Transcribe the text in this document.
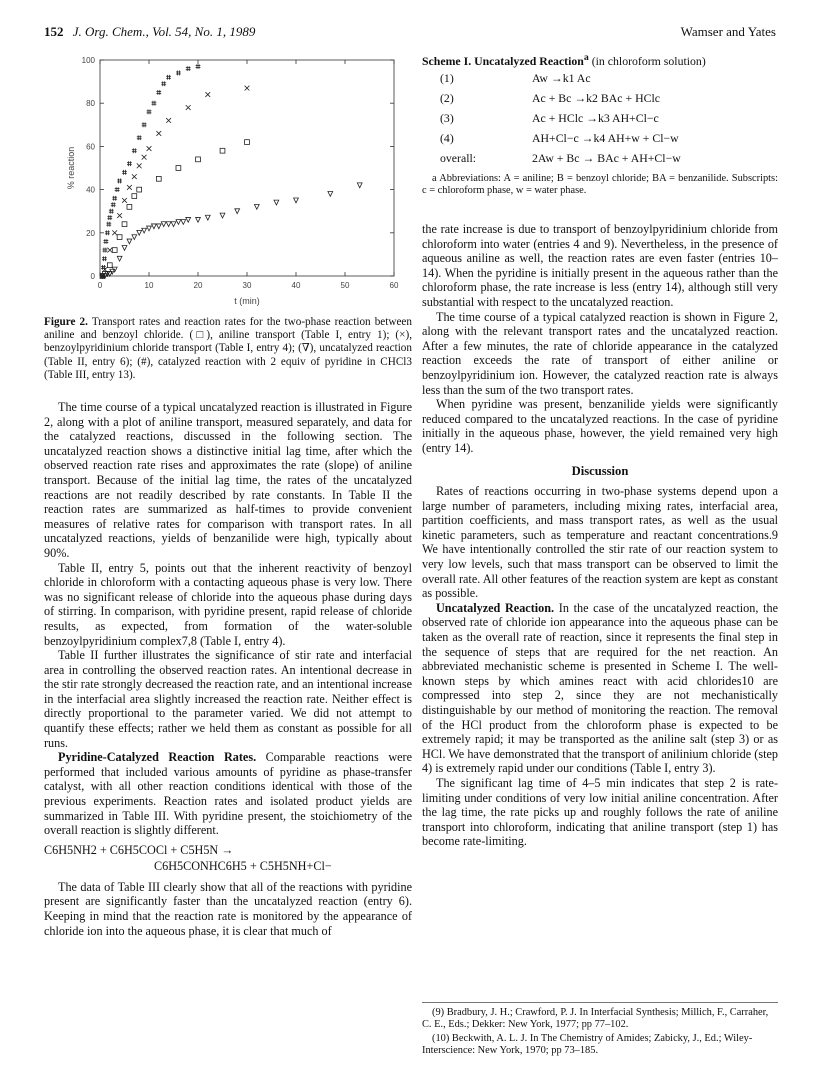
152 J. Org. Chem., Vol. 54, No. 1, 1989	Wamser and Yates
0	10	20	30	40	50	60
0
20
40
60
80
100
t (min)
% reaction
Figure 2. Transport rates and reaction rates for the two-phase reaction between aniline and benzoyl chloride. (□), aniline transport (Table I, entry 1); (×), benzoylpyridinium chloride transport (Table I, entry 4); (∇), uncatalyzed reaction (Table II, entry 6); (#), catalyzed reaction with 2 equiv of pyridine in CHCl3 (Table III, entry 13).

The time course of a typical uncatalyzed reaction is illustrated in Figure 2, along with a plot of aniline transport, measured separately, and data for the catalyzed reactions, discussed in the following section. The uncatalyzed reaction shows a distinctive initial lag time, after which the observed reaction rate rises and approximates the rate (slope) of aniline transport. Because of the initial lag time, the rates of the uncatalyzed reactions are not readily described by rate constants. In Table II the reaction rates are summarized as half-times to provide convenient measures of relative rates for comparison with transport rates. In all uncatalyzed reactions, yields of benzanilide were high, typically about 90%.

Table II, entry 5, points out that the inherent reactivity of benzoyl chloride in chloroform with a contacting aqueous phase is very low. There was no significant release of chloride into the aqueous phase during days of stirring. In comparison, with pyridine present, rapid release of chloride results, as expected, from formation of the water-soluble benzoylpyridinium complex7,8 (Table I, entry 4).

Table II further illustrates the significance of stir rate and interfacial area in controlling the observed reaction rates. An intentional decrease in the stir rate strongly decreased the reaction rate, and an intentional increase in the interfacial area slightly increased the reaction rate. Neither effect is directly proportional to the parameter varied. We did not attempt to quantify these effects; rather we held them as constant as possible for all runs.

Pyridine-Catalyzed Reaction Rates. Comparable reactions were performed that included various amounts of pyridine as phase-transfer catalyst, with all other reaction conditions identical with those of the previous experiments. Reaction rates and isolated product yields are summarized in Table III. With pyridine present, the stoichiometry of the overall reaction is slightly different.

C6H5NH2 + C6H5COCl + C5H5N →
C6H5CONHC6H5 + C5H5NH+Cl−

The data of Table III clearly show that all of the reactions with pyridine present are significantly faster than the uncatalyzed reaction (entry 6). Keeping in mind that the reaction rate is monitored by the appearance of chloride ion into the aqueous phase, it is clear that much of

Scheme I. Uncatalyzed Reaction$^a$ (in chloroform solution)
(1)	Aw →k1 Ac
(2)	Ac + Bc →k2 BAc + HClc
(3)	Ac + HClc →k3 AH+Cl−c
(4)	AH+Cl−c →k4 AH+w + Cl−w
overall:	2Aw + Bc → BAc + AH+Cl−w
a Abbreviations: A = aniline; B = benzoyl chloride; BA = benzanilide. Subscripts: c = chloroform phase, w = water phase.

the rate increase is due to transport of benzoylpyridinium chloride from chloroform into water (entries 4 and 9). Nevertheless, in the presence of aqueous aniline as well, the reaction rates are even faster (entries 10–14). When the pyridine is initially present in the aqueous rather than the chloroform phase, the rate increase is less (entry 14), although still very substantial with respect to the uncatalyzed reaction.

The time course of a typical catalyzed reaction is shown in Figure 2, along with the relevant transport rates and the uncatalyzed reaction. After a few minutes, the rate of chloride appearance in the catalyzed reaction exceeds the rate of transport of either aniline or benzoylpyridinium ion. However, the catalyzed reaction rate is always less than the sum of the two transport rates.

When pyridine was present, benzanilide yields were significantly reduced compared to the uncatalyzed reactions. In the case of pyridine initially in the aqueous phase, however, the yield remained very high (entry 14).

Discussion

Rates of reactions occurring in two-phase systems depend upon a large number of parameters, including mixing rates, interfacial area, partition coefficients, and mass transport rates, as well as the usual kinetic parameters, such as temperature and reactant concentrations.9 We have intentionally controlled the stir rate of our reaction system to very low levels, such that mass transport can be observed to limit the overall rate. All other features of the reaction system are kept as constant as possible.

Uncatalyzed Reaction. In the case of the uncatalyzed reaction, the observed rate of chloride ion appearance into the aqueous phase can be taken as the overall rate of reaction, since it represents the final step in the sequence of steps that are required for the net reaction. An abbreviated mechanistic scheme is presented in Scheme I. The well-known steps by which amines react with acid chlorides10 are compressed into step 2, since they are not mechanistically distinguishable by our method of monitoring the reaction. The removal of the HCl product from the chloroform phase is expected to be extremely rapid; it may be transported as the aniline salt (step 3) or as HCl. We have demonstrated that the transport of anilinium chloride (step 4) is extremely rapid under our conditions (Table I, entry 3).

The significant lag time of 4–5 min indicates that step 2 is rate-limiting under conditions of very low initial aniline concentration. After the lag time, the rate picks up and roughly follows the rate of aniline transport into chloroform, indicating that aniline transport (step 1) has become rate-limiting.

(9) Bradbury, J. H.; Crawford, P. J. In Interfacial Synthesis; Millich, F., Carraher, C. E., Eds.; Dekker: New York, 1977; pp 77–102.

(10) Beckwith, A. L. J. In The Chemistry of Amides; Zabicky, J., Ed.; Wiley-Interscience: New York, 1970; pp 73–185.
